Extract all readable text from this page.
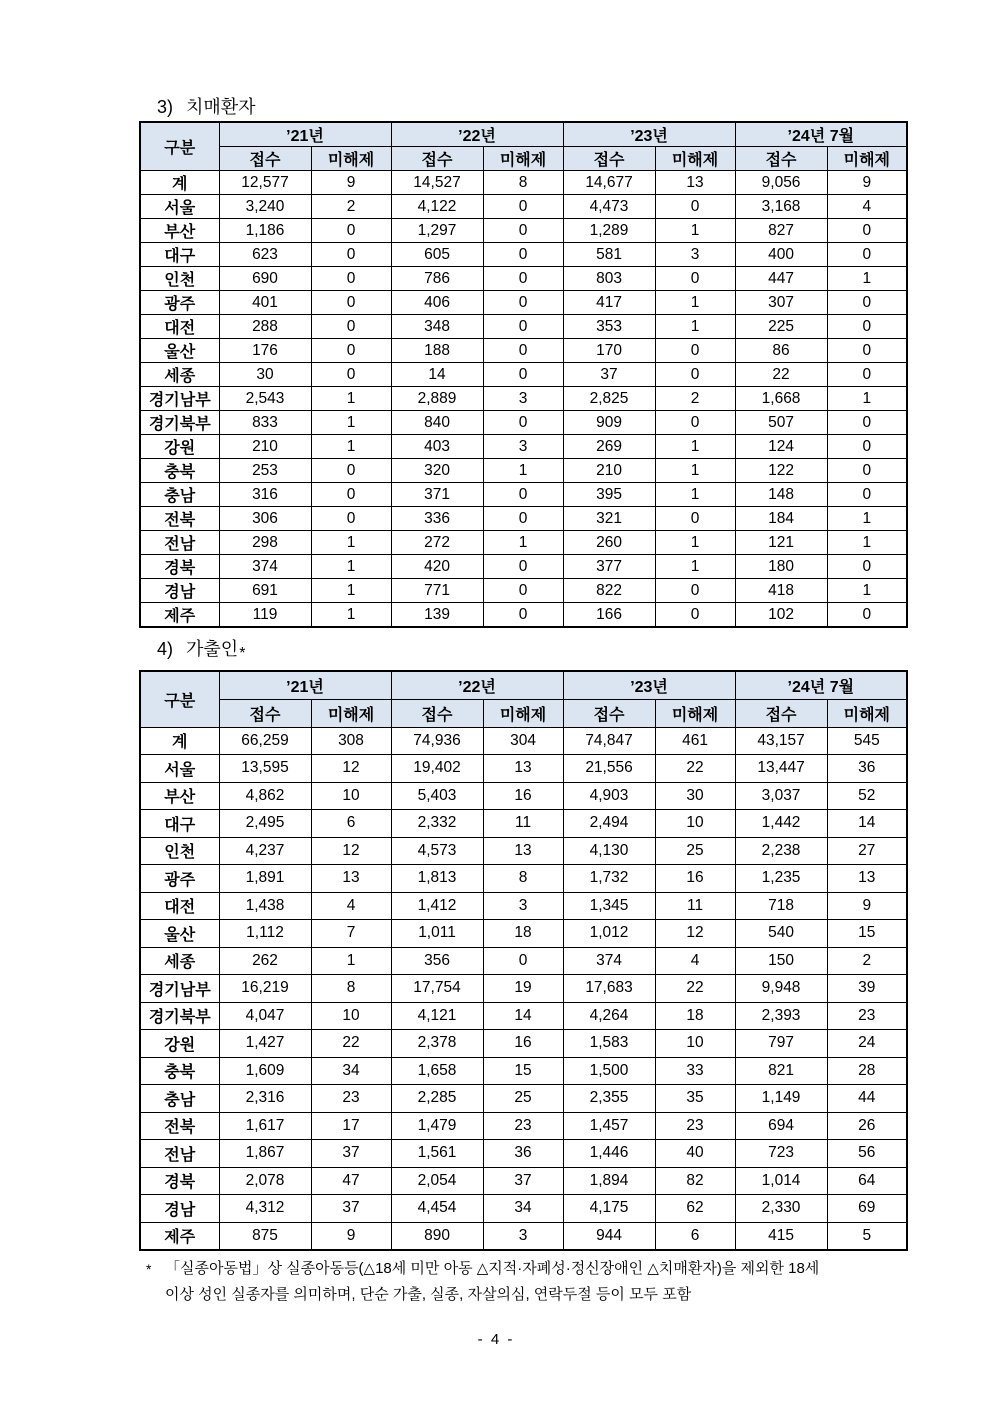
3) 치매환자
구분	’21년		’22년		’23년		’24년 7월	
	접수	미해제	접수	미해제	접수	미해제	접수	미해제
계	12,577	9	14,527	8	14,677	13	9,056	9
서울	3,240	2	4,122	0	4,473	0	3,168	4
부산	1,186	0	1,297	0	1,289	1	827	0
대구	623	0	605	0	581	3	400	0
인천	690	0	786	0	803	0	447	1
광주	401	0	406	0	417	1	307	0
대전	288	0	348	0	353	1	225	0
울산	176	0	188	0	170	0	86	0
세종	30	0	14	0	37	0	22	0
경기남부	2,543	1	2,889	3	2,825	2	1,668	1
경기북부	833	1	840	0	909	0	507	0
강원	210	1	403	3	269	1	124	0
충북	253	0	320	1	210	1	122	0
충남	316	0	371	0	395	1	148	0
전북	306	0	336	0	321	0	184	1
전남	298	1	272	1	260	1	121	1
경북	374	1	420	0	377	1	180	0
경남	691	1	771	0	822	0	418	1
제주	119	1	139	0	166	0	102	0
4) 가출인*
구분	’21년		’22년		’23년		’24년 7월	
	접수	미해제	접수	미해제	접수	미해제	접수	미해제
계	66,259	308	74,936	304	74,847	461	43,157	545
서울	13,595	12	19,402	13	21,556	22	13,447	36
부산	4,862	10	5,403	16	4,903	30	3,037	52
대구	2,495	6	2,332	11	2,494	10	1,442	14
인천	4,237	12	4,573	13	4,130	25	2,238	27
광주	1,891	13	1,813	8	1,732	16	1,235	13
대전	1,438	4	1,412	3	1,345	11	718	9
울산	1,112	7	1,011	18	1,012	12	540	15
세종	262	1	356	0	374	4	150	2
경기남부	16,219	8	17,754	19	17,683	22	9,948	39
경기북부	4,047	10	4,121	14	4,264	18	2,393	23
강원	1,427	22	2,378	16	1,583	10	797	24
충북	1,609	34	1,658	15	1,500	33	821	28
충남	2,316	23	2,285	25	2,355	35	1,149	44
전북	1,617	17	1,479	23	1,457	23	694	26
전남	1,867	37	1,561	36	1,446	40	723	56
경북	2,078	47	2,054	37	1,894	82	1,014	64
경남	4,312	37	4,454	34	4,175	62	2,330	69
제주	875	9	890	3	944	6	415	5
* 「실종아동법」상 실종아동등(△18세 미만 아동 △지적·자폐성·정신장애인 △치매환자)을 제외한 18세
이상 성인 실종자를 의미하며, 단순 가출, 실종, 자살의심, 연락두절 등이 모두 포함
- 4 -
